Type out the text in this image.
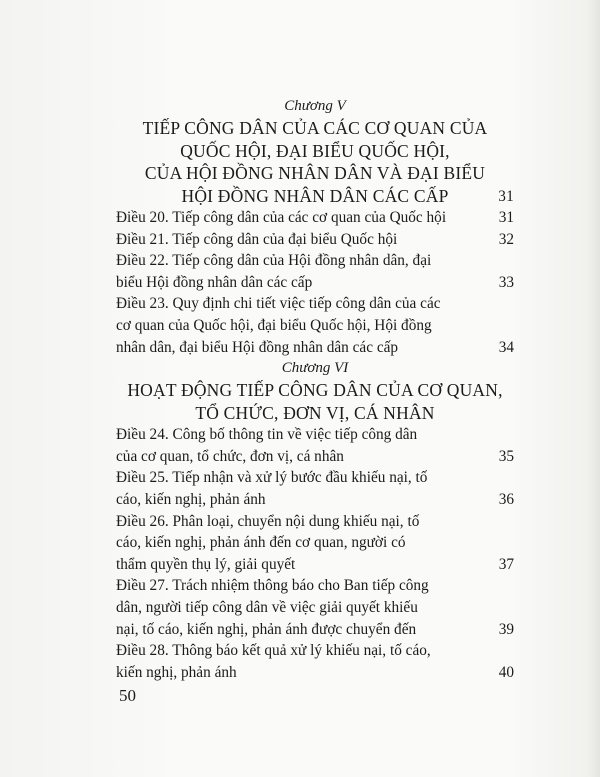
Chương V
TIẾP CÔNG DÂN CỦA CÁC CƠ QUAN CỦA
QUỐC HỘI, ĐẠI BIỂU QUỐC HỘI,
CỦA HỘI ĐỒNG NHÂN DÂN VÀ ĐẠI BIỂU
HỘI ĐỒNG NHÂN DÂN CÁC CẤP	31
Điều 20. Tiếp công dân của các cơ quan của Quốc hội	31
Điều 21. Tiếp công dân của đại biểu Quốc hội	32
Điều 22. Tiếp công dân của Hội đồng nhân dân, đại
biểu Hội đồng nhân dân các cấp	33
Điều 23. Quy định chi tiết việc tiếp công dân của các
cơ quan của Quốc hội, đại biểu Quốc hội, Hội đồng
nhân dân, đại biểu Hội đồng nhân dân các cấp	34
Chương VI
HOẠT ĐỘNG TIẾP CÔNG DÂN CỦA CƠ QUAN,
TỔ CHỨC, ĐƠN VỊ, CÁ NHÂN
Điều 24. Công bố thông tin về việc tiếp công dân
của cơ quan, tổ chức, đơn vị, cá nhân	35
Điều 25. Tiếp nhận và xử lý bước đầu khiếu nại, tố
cáo, kiến nghị, phản ánh	36
Điều 26. Phân loại, chuyển nội dung khiếu nại, tố
cáo, kiến nghị, phản ánh đến cơ quan, người có
thẩm quyền thụ lý, giải quyết	37
Điều 27. Trách nhiệm thông báo cho Ban tiếp công
dân, người tiếp công dân về việc giải quyết khiếu
nại, tố cáo, kiến nghị, phản ánh được chuyển đến	39
Điều 28. Thông báo kết quả xử lý khiếu nại, tố cáo,
kiến nghị, phản ánh	40
50
